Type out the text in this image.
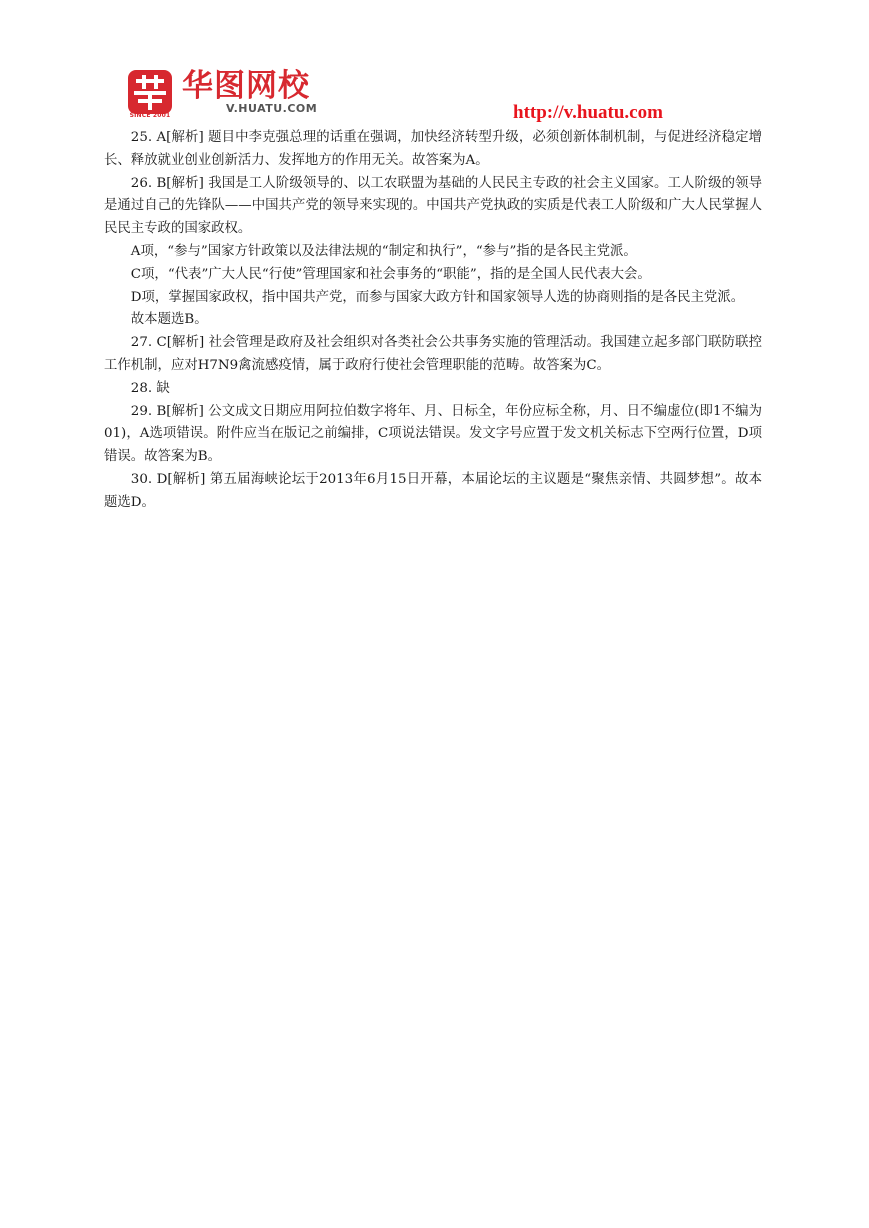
SINCE 2001
华图网校
V.HUATU.COM	http://v.huatu.com

25. A[解析] 题目中李克强总理的话重在强调，加快经济转型升级，必须创新体制机制，与促进经济稳定增长、释放就业创业创新活力、发挥地方的作用无关。故答案为A。

26. B[解析] 我国是工人阶级领导的、以工农联盟为基础的人民民主专政的社会主义国家。工人阶级的领导是通过自己的先锋队——中国共产党的领导来实现的。中国共产党执政的实质是代表工人阶级和广大人民掌握人民民主专政的国家政权。

A项，“参与”国家方针政策以及法律法规的“制定和执行”，“参与”指的是各民主党派。

C项，“代表”广大人民“行使”管理国家和社会事务的“职能”，指的是全国人民代表大会。

D项，掌握国家政权，指中国共产党，而参与国家大政方针和国家领导人选的协商则指的是各民主党派。

故本题选B。

27. C[解析] 社会管理是政府及社会组织对各类社会公共事务实施的管理活动。我国建立起多部门联防联控工作机制，应对H7N9禽流感疫情，属于政府行使社会管理职能的范畴。故答案为C。

28. 缺

29. B[解析] 公文成文日期应用阿拉伯数字将年、月、日标全，年份应标全称，月、日不编虚位(即1不编为01)，A选项错误。附件应当在版记之前编排，C项说法错误。发文字号应置于发文机关标志下空两行位置，D项错误。故答案为B。

30. D[解析] 第五届海峡论坛于2013年6月15日开幕，本届论坛的主议题是“聚焦亲情、共圆梦想”。故本题选D。
